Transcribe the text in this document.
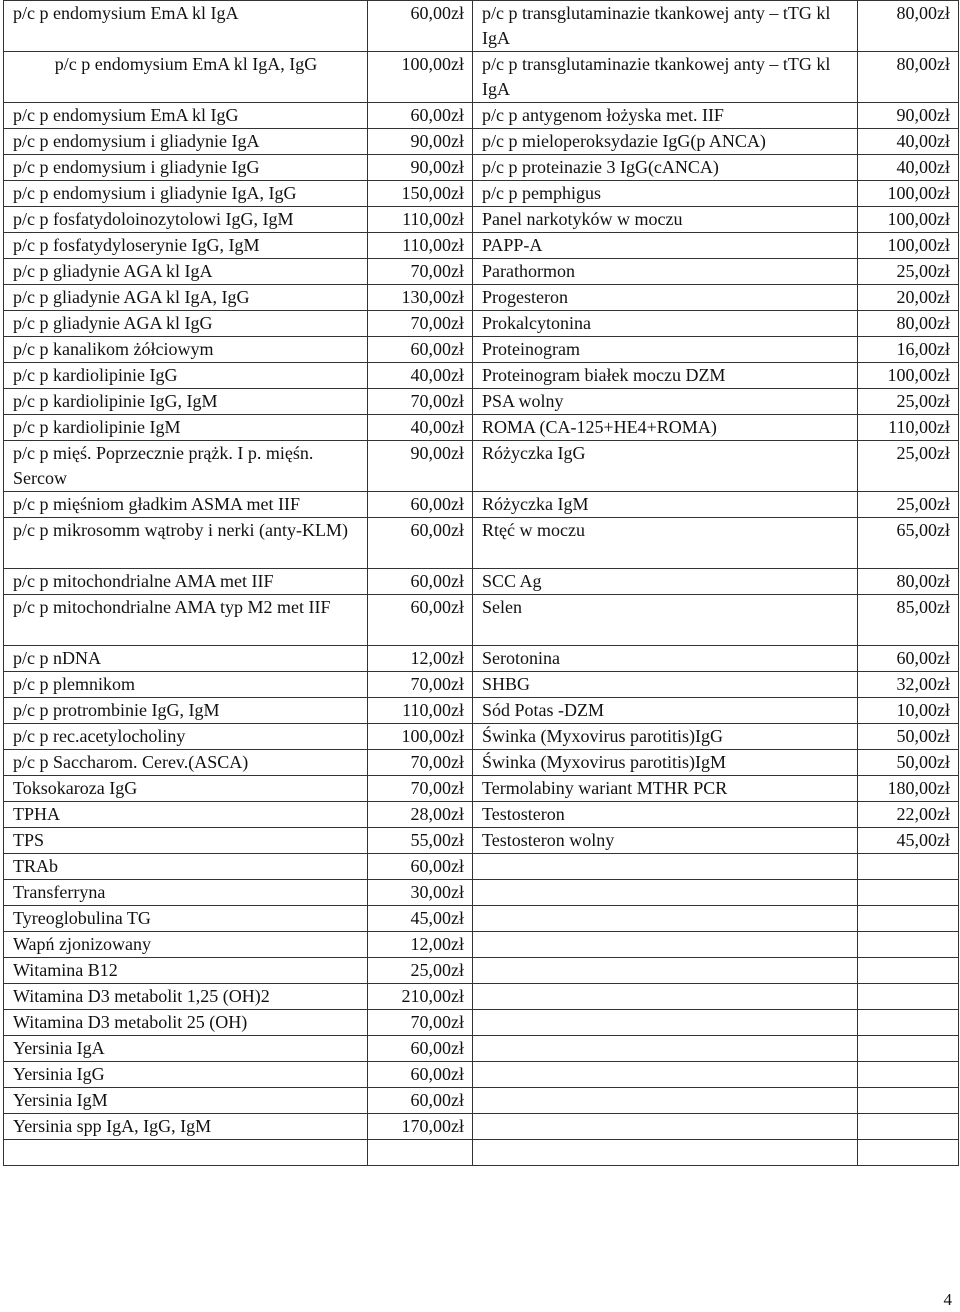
p/c p endomysium EmA kl IgA	60,00zł	p/c p transglutaminazie tkankowej anty – tTG kl IgA	80,00zł
p/c p endomysium EmA kl IgA, IgG	100,00zł	p/c p transglutaminazie tkankowej anty – tTG kl IgA	80,00zł
p/c p endomysium EmA kl IgG	60,00zł	p/c p antygenom łożyska met. IIF	90,00zł
p/c p endomysium i gliadynie IgA	90,00zł	p/c p mieloperoksydazie IgG(p ANCA)	40,00zł
p/c p endomysium i gliadynie IgG	90,00zł	p/c p proteinazie 3 IgG(cANCA)	40,00zł
p/c p endomysium i gliadynie IgA, IgG	150,00zł	p/c p pemphigus	100,00zł
p/c p fosfatydoloinozytolowi IgG, IgM	110,00zł	Panel narkotyków w moczu	100,00zł
p/c p fosfatydyloserynie IgG, IgM	110,00zł	PAPP-A	100,00zł
p/c p gliadynie AGA kl IgA	70,00zł	Parathormon	25,00zł
p/c p gliadynie AGA kl IgA, IgG	130,00zł	Progesteron	20,00zł
p/c p gliadynie AGA kl IgG	70,00zł	Prokalcytonina	80,00zł
p/c p kanalikom żółciowym	60,00zł	Proteinogram	16,00zł
p/c p kardiolipinie IgG	40,00zł	Proteinogram białek moczu DZM	100,00zł
p/c p kardiolipinie IgG, IgM	70,00zł	PSA wolny	25,00zł
p/c p kardiolipinie IgM	40,00zł	ROMA (CA-125+HE4+ROMA)	110,00zł
p/c p mięś. Poprzecznie prążk. I p. mięśn. Sercow	90,00zł	Różyczka IgG	25,00zł
p/c p mięśniom gładkim ASMA met IIF	60,00zł	Różyczka IgM	25,00zł
p/c p mikrosomm wątroby i nerki (anty-KLM)	60,00zł	Rtęć w moczu	65,00zł
p/c p mitochondrialne AMA met IIF	60,00zł	SCC Ag	80,00zł
p/c p mitochondrialne AMA typ M2 met IIF	60,00zł	Selen	85,00zł
p/c p nDNA	12,00zł	Serotonina	60,00zł
p/c p plemnikom	70,00zł	SHBG	32,00zł
p/c p protrombinie IgG, IgM	110,00zł	Sód Potas -DZM	10,00zł
p/c p rec.acetylocholiny	100,00zł	Świnka (Myxovirus parotitis)IgG	50,00zł
p/c p Saccharom. Cerev.(ASCA)	70,00zł	Świnka (Myxovirus parotitis)IgM	50,00zł
Toksokaroza IgG	70,00zł	Termolabiny wariant MTHR PCR	180,00zł
TPHA	28,00zł	Testosteron	22,00zł
TPS	55,00zł	Testosteron wolny	45,00zł
TRAb	60,00zł		
Transferryna	30,00zł		
Tyreoglobulina TG	45,00zł		
Wapń zjonizowany	12,00zł		
Witamina B12	25,00zł		
Witamina D3 metabolit 1,25 (OH)2	210,00zł		
Witamina D3 metabolit 25 (OH)	70,00zł		
Yersinia IgA	60,00zł		
Yersinia IgG	60,00zł		
Yersinia IgM	60,00zł		
Yersinia spp IgA, IgG, IgM	170,00zł		

4
